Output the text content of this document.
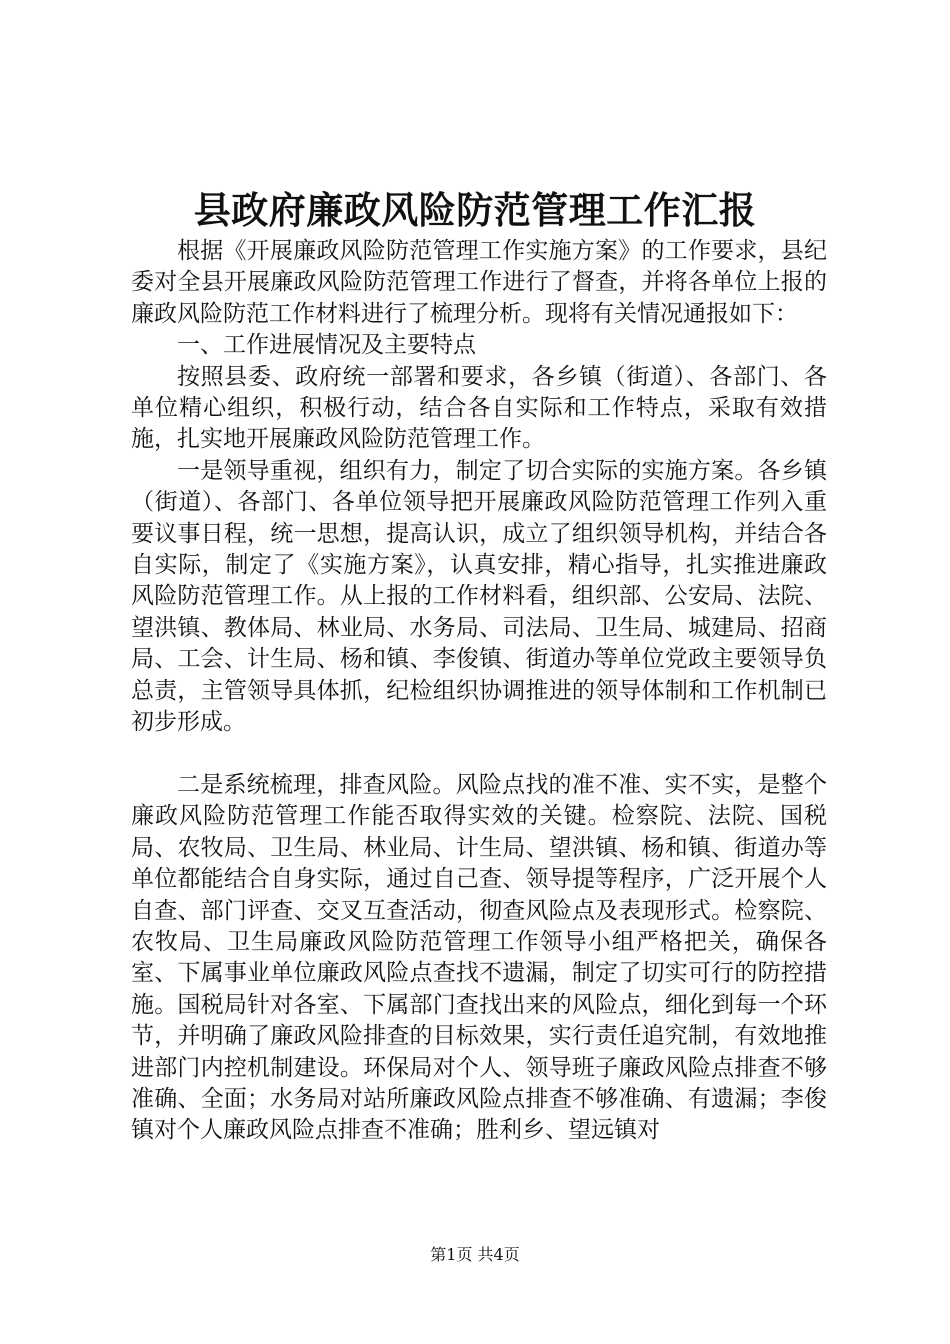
县政府廉政风险防范管理工作汇报

根据《开展廉政风险防范管理工作实施方案》的工作要求，县纪委对全县开展廉政风险防范管理工作进行了督查，并将各单位上报的廉政风险防范工作材料进行了梳理分析。现将有关情况通报如下：

一、工作进展情况及主要特点

按照县委、政府统一部署和要求，各乡镇（街道）、各部门、各单位精心组织，积极行动，结合各自实际和工作特点，采取有效措施，扎实地开展廉政风险防范管理工作。

一是领导重视，组织有力，制定了切合实际的实施方案。各乡镇（街道）、各部门、各单位领导把开展廉政风险防范管理工作列入重要议事日程，统一思想，提高认识，成立了组织领导机构，并结合各自实际，制定了《实施方案》，认真安排，精心指导，扎实推进廉政风险防范管理工作。从上报的工作材料看，组织部、公安局、法院、望洪镇、教体局、林业局、水务局、司法局、卫生局、城建局、招商局、工会、计生局、杨和镇、李俊镇、街道办等单位党政主要领导负总责，主管领导具体抓，纪检组织协调推进的领导体制和工作机制已初步形成。

二是系统梳理，排查风险。风险点找的准不准、实不实，是整个廉政风险防范管理工作能否取得实效的关键。检察院、法院、国税局、农牧局、卫生局、林业局、计生局、望洪镇、杨和镇、街道办等单位都能结合自身实际，通过自己查、领导提等程序，广泛开展个人自查、部门评查、交叉互查活动，彻查风险点及表现形式。检察院、农牧局、卫生局廉政风险防范管理工作领导小组严格把关，确保各室、下属事业单位廉政风险点查找不遗漏，制定了切实可行的防控措施。国税局针对各室、下属部门查找出来的风险点，细化到每一个环节，并明确了廉政风险排查的目标效果，实行责任追究制，有效地推进部门内控机制建设。环保局对个人、领导班子廉政风险点排查不够准确、全面；水务局对站所廉政风险点排查不够准确、有遗漏；李俊镇对个人廉政风险点排查不准确；胜利乡、望远镇对

第1页 共4页
